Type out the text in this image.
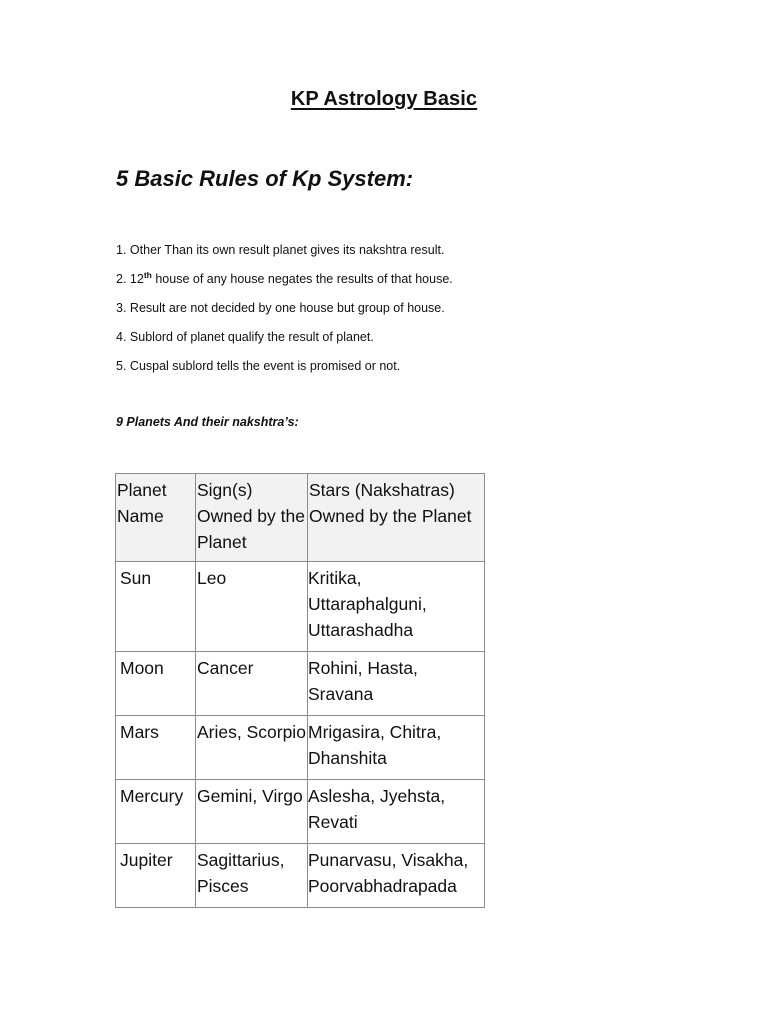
KP Astrology Basic
5 Basic Rules of Kp System:
1. Other Than its own result planet gives its nakshtra result.
2. 12th house of any house negates the results of that house.
3. Result are not decided by one house but group of house.
4. Sublord of planet qualify the result of planet.
5. Cuspal sublord tells the event is promised or not.
9 Planets And their nakshtra’s:
Planet Name	Sign(s) Owned by the Planet	Stars (Nakshatras) Owned by the Planet
Sun	Leo	Kritika, Uttaraphalguni, Uttarashadha
Moon	Cancer	Rohini, Hasta, Sravana
Mars	Aries, Scorpio	Mrigasira, Chitra, Dhanshita
Mercury	Gemini, Virgo	Aslesha, Jyehsta, Revati
Jupiter	Sagittarius, Pisces	Punarvasu, Visakha, Poorvabhadrapada
